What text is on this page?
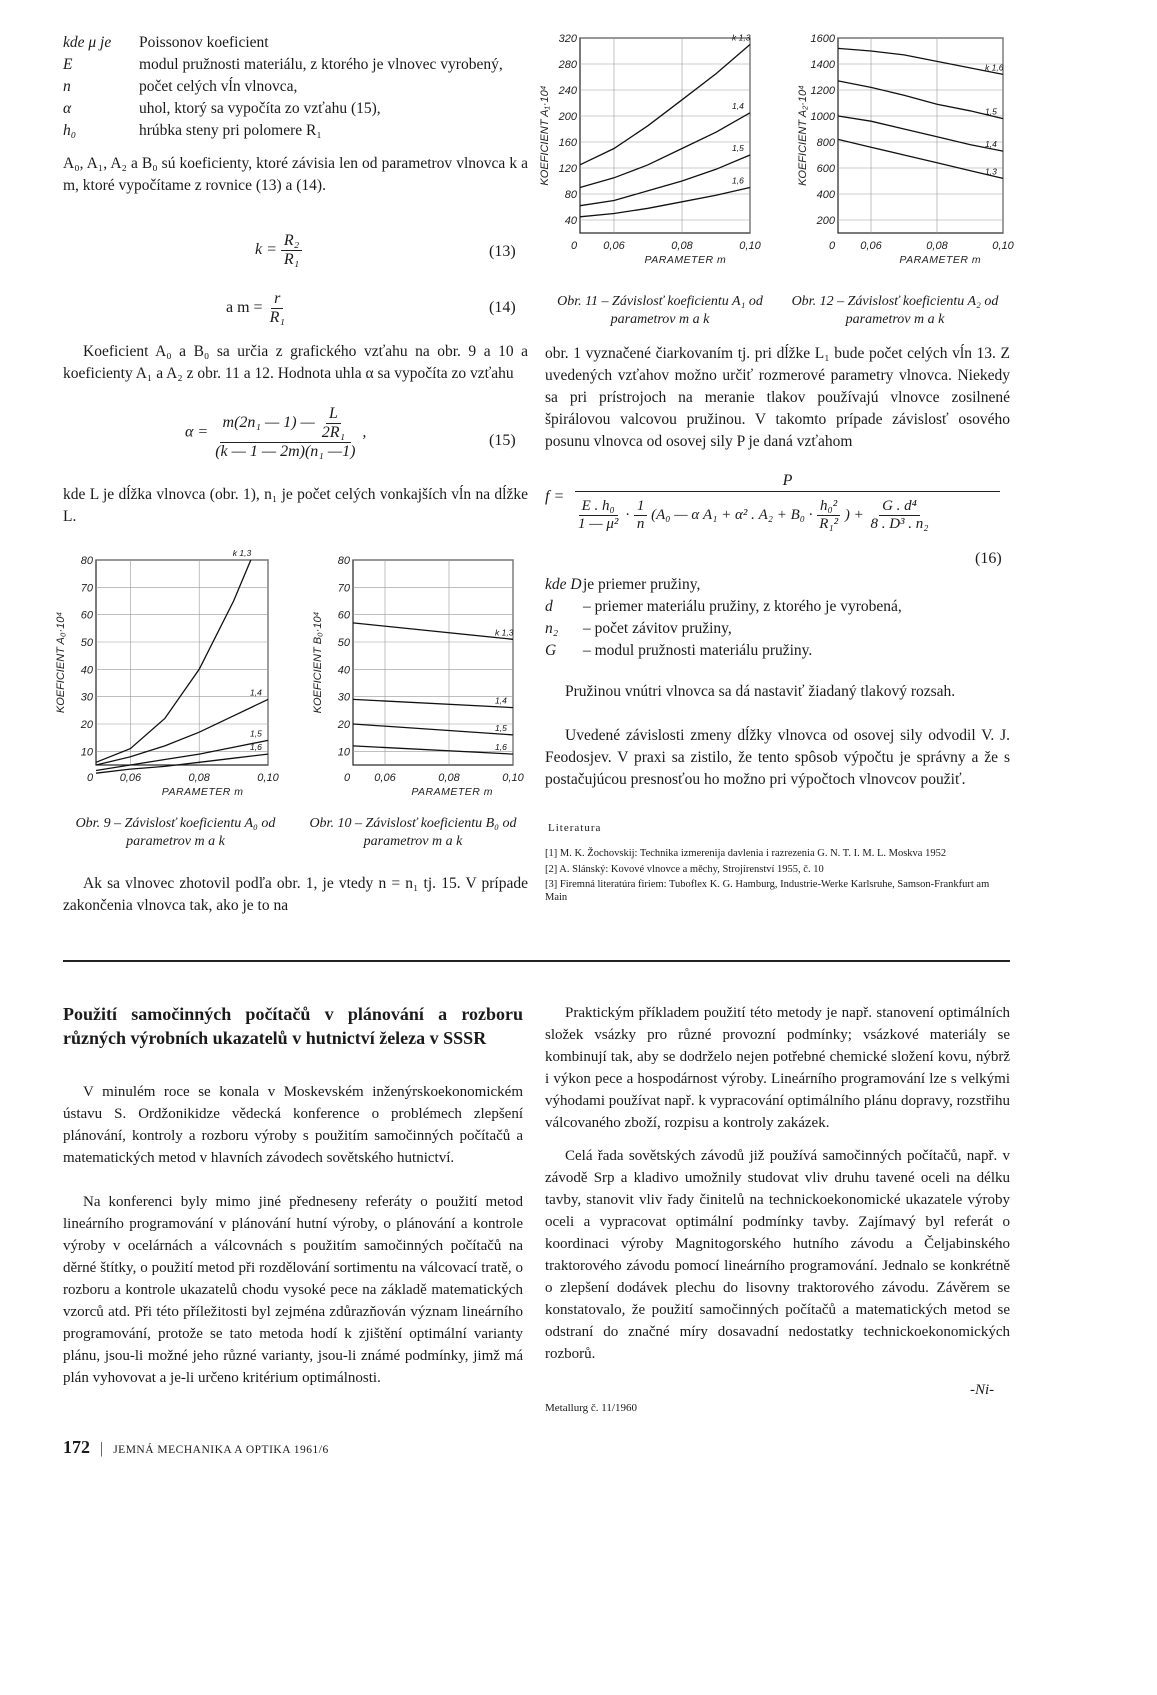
kde μ je	Poissonov koeficient
E	modul pružnosti materiálu, z ktorého je vlnovec vyrobený,
n	počet celých vĺn vlnovca,
α	uhol, ktorý sa vypočíta zo vzťahu (15),
h₀	hrúbka steny pri polomere R₁
A₀, A₁, A₂ a B₀ sú koeficienty, ktoré závisia len od parametrov vlnovca k a m, ktoré vypočítame z rovnice (13) a (14).
$k = \frac{\text{R₂}}{\text{R₁}}$	(13)
a $m = \frac{r}{\text{R₁}}$	(14)
Koeficient A₀ a B₀ sa určia z grafického vzťahu na obr. 9 a 10 a koeficienty A₁ a A₂ z obr. 11 a 12. Hodnota uhla α sa vypočíta zo vzťahu
$\alpha = \frac{m(2n_1 — 1) — \frac{L}{\text{2R₁}}}{\text{(k — 1 — 2m)(n₁ —1)}}$ ,	(15)
kde L je dĺžka vlnovca (obr. 1), n₁ je počet celých vonkajších vĺn na dĺžke L.
10
20
30
40
50
60
70
80
0 0,06	0,08	0,10
PARAMETER m
KOEFICIENT A₀·10⁴
k 1,3
1,4
1,5
1,6	10
20
30
40
50
60
70
80
0 0,06	0,08	0,10
PARAMETER m
KOEFICIENT B₀·10⁴	k 1,3
1,4
1,5
1,6
Obr. 9 – Závislosť koeficientu A₀ od parametrov m a k
Obr. 10 – Závislosť koeficientu B₀ od parametrov m a k
Ak sa vlnovec zhotovil podľa obr. 1, je vtedy n = n₁ tj. 15. V prípade zakončenia vlnovca tak, ako je to na
40
80
120
160
200
240
280
320
0 0,06	0,08	0,10
PARAMETER m
KOEFICIENT A₁·10⁴
k 1,3
1,4
1,5
1,6
200
400
600
800
1000
1200
1400
1600
0 0,06	0,08	0,10
PARAMETER m
KOEFICIENT A₂·10⁴
k 1,6
1,5
1,4
1,3
Obr. 11 – Závislosť koeficientu A₁ od parametrov m a k
Obr. 12 – Závislosť koeficientu A₂ od parametrov m a k
obr. 1 vyznačené čiarkovaním tj. pri dĺžke L₁ bude počet celých vĺn 13. Z uvedených vzťahov možno určiť rozmerové parametry vlnovca. Niekedy sa pri prístrojoch na meranie tlakov používajú vlnovce zosilnené špirálovou valcovou pružinou. V takomto prípade závislosť osového posunu vlnovca od osovej sily P je daná vzťahom
f =
P
$\frac{\text{E . h₀}}{\text{1 — μ²}} \cdot \frac{1}{n} (A_0$ — α A₁ + α² . $A_2 + B_0 \cdot \frac{\text{h₀²}}{\text{R₁²}}$ ) + $\frac{\text{G . d⁴}}{\text{8 . D³ . n₂}}$
(16)
kde D je priemer pružiny,
d	– priemer materiálu pružiny, z ktorého je vyrobená,
n₂	– počet závitov pružiny,
G	– modul pružnosti materiálu pružiny.
Pružinou vnútri vlnovca sa dá nastaviť žiadaný tlakový rozsah.
Uvedené závislosti zmeny dĺžky vlnovca od osovej sily odvodil V. J. Feodosjev. V praxi sa zistilo, že tento spôsob výpočtu je správny a že s postačujúcou presnosťou ho možno pri výpočtoch vlnovcov použiť.
Literatura
[1] M. K. Žochovskij: Technika izmerenija davlenia i razrezenia G. N. T. I. M. L. Moskva 1952
[2] A. Slánský: Kovové vlnovce a měchy, Strojírenství 1955, č. 10
[3] Firemná literatúra firiem: Tuboflex K. G. Hamburg, Industrie-Werke Karlsruhe, Samson-Frankfurt am Main
Použití samočinných počítačů v plánování a rozboru různých výrobních ukazatelů v hutnictví železa v SSSR
V minulém roce se konala v Moskevském inženýrskoekonomickém ústavu S. Ordžonikidze vědecká konference o problémech zlepšení plánování, kontroly a rozboru výroby s použitím samočinných počítačů a matematických metod v hlavních závodech sovětského hutnictví.
Na konferenci byly mimo jiné předneseny referáty o použití metod lineárního programování v plánování hutní výroby, o plánování a kontrole výroby v ocelárnách a válcovnách s použitím samočinných počítačů na děrné štítky, o použití metod při rozdělování sortimentu na válcovací tratě, o rozboru a kontrole ukazatelů chodu vysoké pece na základě matematických vzorců atd. Při této příležitosti byl zejména zdůrazňován význam lineárního programování, protože se tato metoda hodí k zjištění optimální varianty plánu, jsou-li možné jeho různé varianty, jsou-li známé podmínky, jimž má plán vyhovovat a je-li určeno kritérium optimálnosti.
Praktickým příkladem použití této metody je např. stanovení optimálních složek vsázky pro různé provozní podmínky; vsázkové materiály se kombinují tak, aby se dodrželo nejen potřebné chemické složení kovu, nýbrž i výkon pece a hospodárnost výroby. Lineárního programování lze s velkými výhodami používat např. k vypracování optimálního plánu dopravy, rozstřihu válcovaného zboží, rozpisu a kontroly zakázek.
Celá řada sovětských závodů již používá samočinných počítačů, např. v závodě Srp a kladivo umožnily studovat vliv druhu tavené oceli na délku tavby, stanovit vliv řady činitelů na technickoekonomické ukazatele výroby oceli a vypracovat optimální podmínky tavby. Zajímavý byl referát o koordinaci výroby Magnitogorského hutního závodu a Čeljabinského traktorového závodu pomocí lineárního programování. Jednalo se konkrétně o zlepšení dodávek plechu do lisovny traktorového závodu. Závěrem se konstatovalo, že použití samočinných počítačů a matematických metod se odstraní do značné míry dosavadní nedostatky technickoekonomických rozborů.
-Ni-
Metallurg č. 11/1960
172 | JEMNÁ MECHANIKA A OPTIKA 1961/6
